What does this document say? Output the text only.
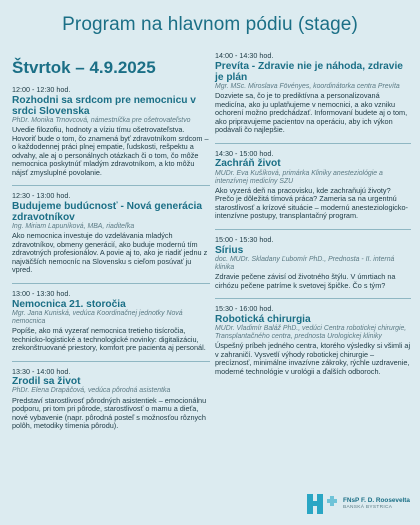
Program na hlavnom pódiu (stage)
Štvrtok – 4.9.2025
12:00 - 12:30 hod.
Rozhodni sa srdcom pre nemocnicu v srdci Slovenska
PhDr. Monika Trnovcová, námestníčka pre ošetrovateľstvo
Uvedie filozofiu, hodnoty a víziu tímu ošetrovateľstva. Hovoriť bude o tom, čo znamená byť zdravotníkom srdcom – o každodennej práci plnej empatie, ľudskosti, rešpektu a odvahy, ale aj o personálnych otázkach či o tom, čo môže nemocnica poskytnúť mladým zdravotníkom, a kto môžu nájsť zmysluplné povolanie.
12:30 - 13:00 hod.
Budujeme budúcnosť - Nová generácia zdravotníkov
Ing. Miriam Lapuníková, MBA, riaditeľka
Ako nemocnica investuje do vzdelávania mladých zdravotníkov, obmeny generácií, ako buduje modernú tím zdravotných profesionálov. A povie aj to, ako je riadiť jednu z najväčších nemocníc na Slovensku s cieľom posúvať ju vpred.
13:00 - 13:30 hod.
Nemocnica 21. storočia
Mgr. Jana Kuniská, vedúca Koordinačnej jednotky Nová nemocnica
Popíše, ako má vyzerať nemocnica tretieho tisícročia, technicko-logistické a technologické novinky: digitalizáciu, zrekonštruované priestory, komfort pre pacienta aj personál.
13:30 - 14:00 hod.
Zrodil sa život
PhDr. Elena Drapáčová, vedúca pôrodná asistentka
Predstaví starostlivosť pôrodných asistentiek – emocionálnu podporu, pri tom pri pôrode, starostlivosť o mamu a dieťa, nové vybavenie (napr. pôrodná posteľ s možnosťou rôznych polôh, metodiky tímenia pôrodu).
14:00 - 14:30 hod.
Prevíta - Zdravie nie je náhoda, zdravie je plán
Mgr. MSc. Miroslava Fövényes, koordinátorka centra Prevíta
Dozviete sa, čo je to prediktívna a personalizovaná medicína, ako ju uplatňujeme v nemocnici, a ako vzniku ochorení možno predchádzať. Informovaní budete aj o tom, ako pripravujeme pacientov na operáciu, aby ich výkon podávali čo najlepšie.
14:30 - 15:00 hod.
Zachráň život
MUDr. Eva Kušíková, primárka Kliniky anesteziológie a intenzívnej medicíny SZU
Ako vyzerá deň na pracovisku, kde zachraňujú životy? Prečo je dôležitá tímová práca? Zameria sa na urgentnú starostlivosť a krízové situácie – modernú anesteziologicko-intenzívne postupy, transplantačný program.
15:00 - 15:30 hod.
Sírius
doc. MUDr. Skladany Ľubomír PhD., Prednosta - II. interná klinika
Zdravie pečene závisí od životného štýlu. V úmrtiach na cirhózu pečene patríme k svetovej špičke. Čo s tým?
15:30 - 16:00 hod.
Robotická chirurgia
MUDr. Vladimír Baláž PhD., vedúci Centra robotickej chirurgie, Transplantačného centra, prednosta Urologickej kliniky
Úspešný príbeh jedného centra, ktorého výsledky si všimli aj v zahraničí. Vysvetlí výhody robotickej chirurgie – precíznosť, minimálne invazívne zákroky, rýchle uzdravenie, moderné technológie v urológii a ďalších odboroch.
FNsP F. D. Roosevelta
BANSKÁ BYSTRICA
